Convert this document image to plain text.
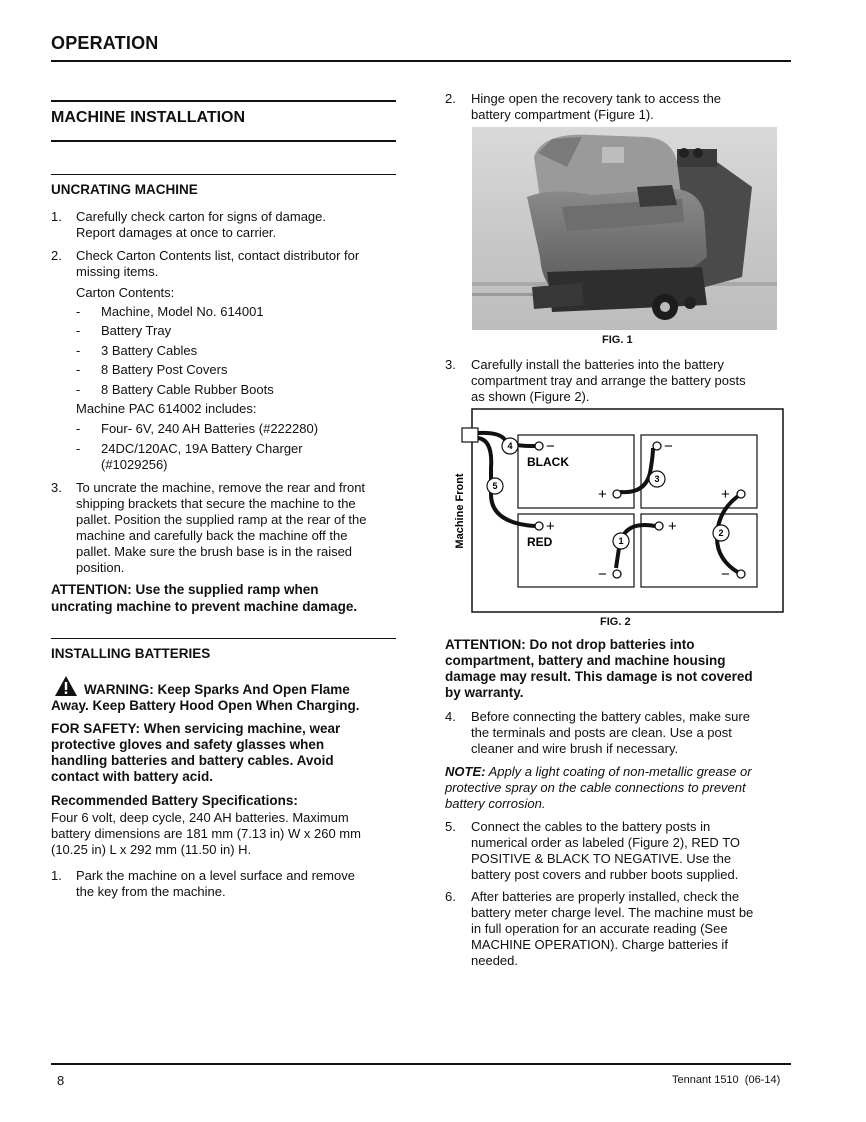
OPERATION
MACHINE INSTALLATION
UNCRATING MACHINE
1.	Carefully check carton for signs of damage.
Report damages at once to carrier.
2.	Check Carton Contents list, contact distributor for
missing items.
Carton Contents:
- Machine, Model No. 614001
- Battery Tray
- 3 Battery Cables
- 8 Battery Post Covers
- 8 Battery Cable Rubber Boots
Machine PAC 614002 includes:
- Four- 6V, 240 AH Batteries (#222280)
- 24DC/120AC, 19A Battery Charger
(#1029256)
3.	To uncrate the machine, remove the rear and front
shipping brackets that secure the machine to the
pallet. Position the supplied ramp at the rear of the
machine and carefully back the machine off the
pallet. Make sure the brush base is in the raised
position.
ATTENTION: Use the supplied ramp when
uncrating machine to prevent machine damage.
INSTALLING BATTERIES
WARNING: Keep Sparks And Open Flame
Away. Keep Battery Hood Open When Charging.
FOR SAFETY: When servicing machine, wear
protective gloves and safety glasses when
handling batteries and battery cables. Avoid
contact with battery acid.
Recommended Battery Specifications:
Four 6 volt, deep cycle, 240 AH batteries. Maximum
battery dimensions are 181 mm (7.13 in) W x 260 mm
(10.25 in) L x 292 mm (11.50 in) H.
1.	Park the machine on a level surface and remove
the key from the machine.
2.	Hinge open the recovery tank to access the
battery compartment (Figure 1).
FIG. 1
3.	Carefully install the batteries into the battery
compartment tray and arrange the battery posts
as shown (Figure 2).
Machine Front
−	−
+	+
+	+
−	−
BLACK
RED
4
5
3
1
2
FIG. 2
ATTENTION: Do not drop batteries into
compartment, battery and machine housing
damage may result. This damage is not covered
by warranty.
4.	Before connecting the battery cables, make sure
the terminals and posts are clean. Use a post
cleaner and wire brush if necessary.
NOTE: Apply a light coating of non-metallic grease or
protective spray on the cable connections to prevent
battery corrosion.
5.	Connect the cables to the battery posts in
numerical order as labeled (Figure 2), RED TO
POSITIVE & BLACK TO NEGATIVE. Use the
battery post covers and rubber boots supplied.
6.	After batteries are properly installed, check the
battery meter charge level. The machine must be
in full operation for an accurate reading (See
MACHINE OPERATION). Charge batteries if
needed.
8	Tennant 1510  (06-14)
